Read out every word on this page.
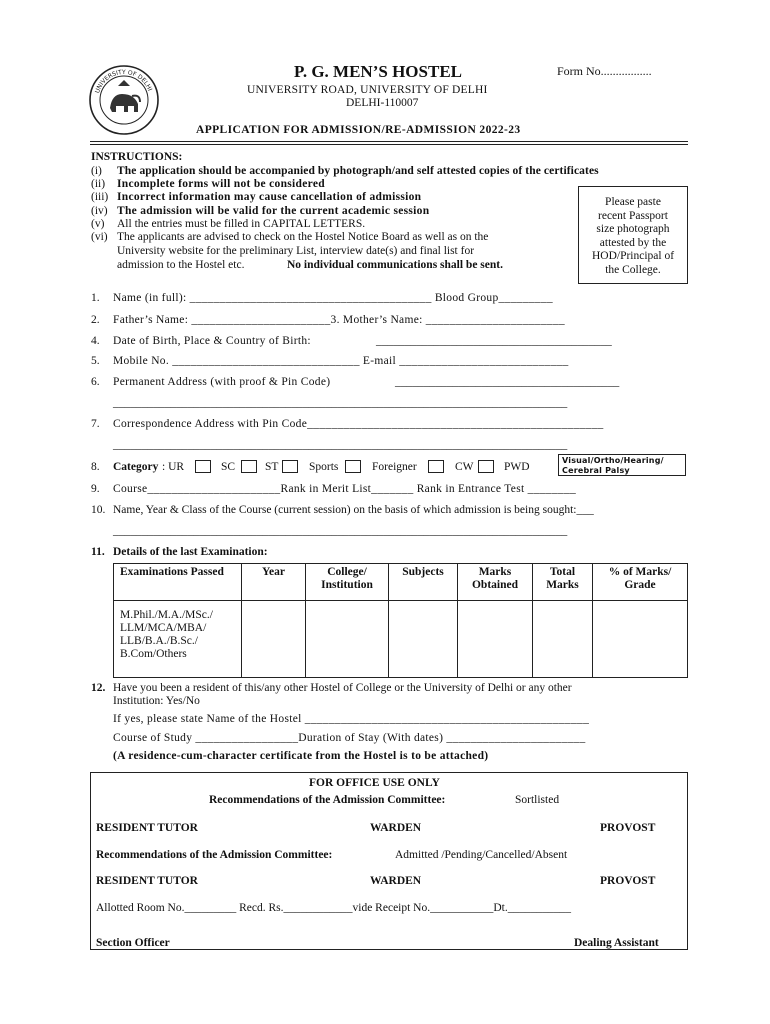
UNIVERSITY OF DELHI
P. G. MEN’S HOSTEL	Form No.................
UNIVERSITY ROAD, UNIVERSITY OF DELHI
DELHI-110007
APPLICATION FOR ADMISSION/RE-ADMISSION 2022-23
INSTRUCTIONS:
(i) The application should be accompanied by photograph/and self attested copies of the certificates
(ii) Incomplete forms will not be considered
(iii) Incorrect information may cause cancellation of admission
(iv) The admission will be valid for the current academic session
(v) All the entries must be filled in CAPITAL LETTERS.
(vi) The applicants are advised to check on the Hostel Notice Board as well as on the
University website for the preliminary List, interview date(s) and final list for
admission to the Hostel etc.	No individual communications shall be sent.
Please paste
recent Passport
size photograph
attested by the
HOD/Principal of
the College.
1. Name (in full): ________________________________________ Blood Group_________
2. Father’s Name: _______________________3. Mother’s Name: _______________________
4. Date of Birth, Place & Country of Birth:	_________________________________________
5. Mobile No. _______________________________ E-mail ____________________________
6. Permanent Address (with proof & Pin Code)	_______________________________________
_______________________________________________________________________________
7. Correspondence Address with Pin Code_________________________________________________
_______________________________________________________________________________
8. Category : UR	SC	ST	Sports	Foreigner	CW	PWD
Visual/Ortho/Hearing/ Cerebral Palsy
9. Course______________________Rank in Merit List_______ Rank in Entrance Test ________
10. Name, Year & Class of the Course (current session) on the basis of which admission is being sought:___
_______________________________________________________________________________
11. Details of the last Examination:
Examinations Passed	Year	College/ Institution	Subjects	Marks Obtained	Total Marks	% of Marks/ Grade
M.Phil./M.A./MSc./ LLM/MCA/MBA/ LLB/B.A./B.Sc./ B.Com/Others						
12. Have you been a resident of this/any other Hostel of College or the University of Delhi or any other
Institution: Yes/No
If yes, please state Name of the Hostel _______________________________________________
Course of Study _________________Duration of Stay (With dates) _______________________
(A residence-cum-character certificate from the Hostel is to be attached)
FOR OFFICE USE ONLY
Recommendations of the Admission Committee:	Sortlisted
RESIDENT TUTOR	WARDEN	PROVOST
Recommendations of the Admission Committee:	Admitted /Pending/Cancelled/Absent
RESIDENT TUTOR	WARDEN	PROVOST
Allotted Room No._________ Recd. Rs.____________vide Receipt No.___________Dt.___________
Section Officer	Dealing Assistant
